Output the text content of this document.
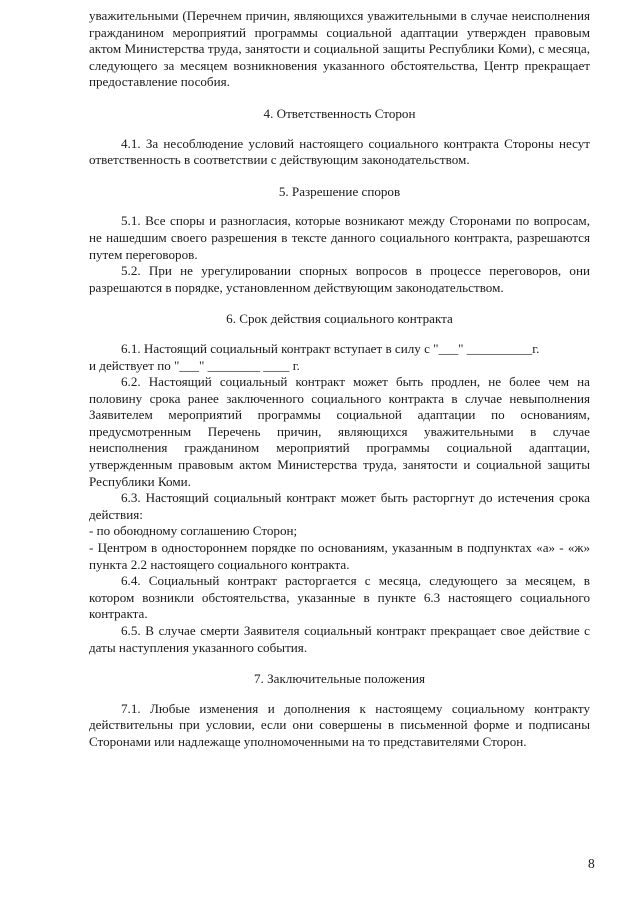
уважительными (Перечнем причин, являющихся уважительными в случае неисполнения гражданином мероприятий программы социальной адаптации утвержден правовым актом Министерства труда, занятости и социальной защиты Республики Коми), с месяца, следующего за месяцем возникновения указанного обстоятельства, Центр прекращает предоставление пособия.

4. Ответственность Сторон

4.1. За несоблюдение условий настоящего социального контракта Стороны несут ответственность в соответствии с действующим законодательством.

5. Разрешение споров

5.1. Все споры и разногласия, которые возникают между Сторонами по вопросам, не нашедшим своего разрешения в тексте данного социального контракта, разрешаются путем переговоров.

5.2. При не урегулировании спорных вопросов в процессе переговоров, они разрешаются в порядке, установленном действующим законодательством.

6. Срок действия социального контракта

6.1. Настоящий социальный контракт вступает в силу с "___" __________г.

и действует по "___" ________ ____ г.

6.2. Настоящий социальный контракт может быть продлен, не более чем на половину срока ранее заключенного социального контракта в случае невыполнения Заявителем мероприятий программы социальной адаптации по основаниям, предусмотренным Перечень причин, являющихся уважительными в случае неисполнения гражданином мероприятий программы социальной адаптации, утвержденным правовым актом Министерства труда, занятости и социальной защиты Республики Коми.

6.3. Настоящий социальный контракт может быть расторгнут до истечения срока действия:

- по обоюдному соглашению Сторон;

- Центром в одностороннем порядке по основаниям, указанным в подпунктах «а» - «ж» пункта 2.2 настоящего социального контракта.

6.4. Социальный контракт расторгается с месяца, следующего за месяцем, в котором возникли обстоятельства, указанные в пункте 6.3 настоящего социального контракта.

6.5. В случае смерти Заявителя социальный контракт прекращает свое действие с даты наступления указанного события.

7. Заключительные положения

7.1. Любые изменения и дополнения к настоящему социальному контракту действительны при условии, если они совершены в письменной форме и подписаны Сторонами или надлежаще уполномоченными на то представителями Сторон.

8
